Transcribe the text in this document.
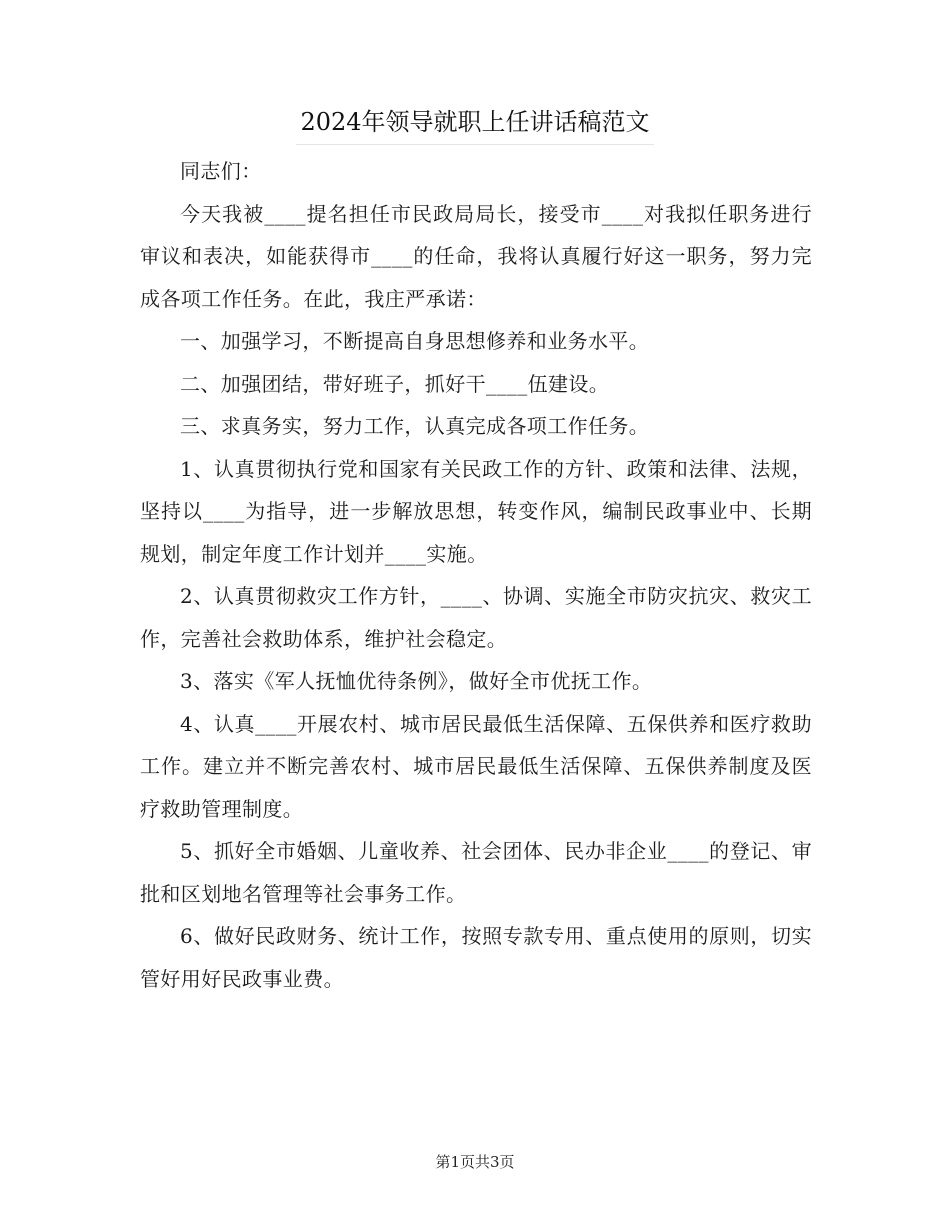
2024年领导就职上任讲话稿范文

同志们：

今天我被____提名担任市民政局局长，接受市____对我拟任职务进行审议和表决，如能获得市____的任命，我将认真履行好这一职务，努力完成各项工作任务。在此，我庄严承诺：

一、加强学习，不断提高自身思想修养和业务水平。

二、加强团结，带好班子，抓好干____伍建设。

三、求真务实，努力工作，认真完成各项工作任务。

1、认真贯彻执行党和国家有关民政工作的方针、政策和法律、法规，坚持以____为指导，进一步解放思想，转变作风，编制民政事业中、长期规划，制定年度工作计划并____实施。

2、认真贯彻救灾工作方针，____、协调、实施全市防灾抗灾、救灾工作，完善社会救助体系，维护社会稳定。

3、落实《军人抚恤优待条例》，做好全市优抚工作。

4、认真____开展农村、城市居民最低生活保障、五保供养和医疗救助工作。建立并不断完善农村、城市居民最低生活保障、五保供养制度及医疗救助管理制度。

5、抓好全市婚姻、儿童收养、社会团体、民办非企业____的登记、审批和区划地名管理等社会事务工作。

6、做好民政财务、统计工作，按照专款专用、重点使用的原则，切实管好用好民政事业费。

第1页共3页
